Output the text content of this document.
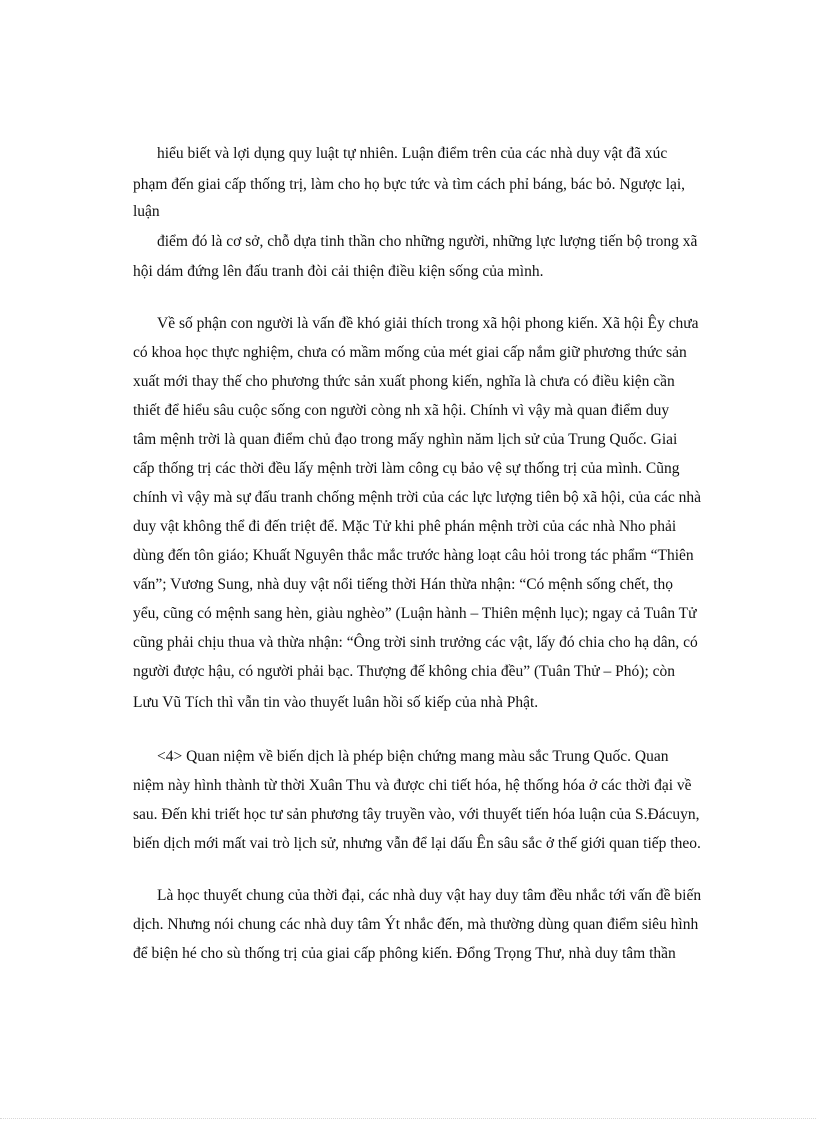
hiểu biết và lợi dụng quy luật tự nhiên. Luận điểm trên của các nhà duy vật đã xúc
phạm đến giai cấp thống trị, làm cho họ bực tức và tìm cách phỉ báng, bác bỏ. Ngược lại,
luận
điểm đó là cơ sở, chỗ dựa tinh thần cho những người, những lực lượng tiến bộ trong xã
hội dám đứng lên đấu tranh đòi cải thiện điều kiện sống của mình.
Về số phận con người là vấn đề khó giải thích trong xã hội phong kiến. Xã hội Êy chưa
có khoa học thực nghiệm, chưa có mầm mống của mét giai cấp nắm giữ phương thức sản
xuất mới thay thế cho phương thức sản xuất phong kiến, nghĩa là chưa có điều kiện cần
thiết để hiểu sâu cuộc sống con người còng nh xã hội. Chính vì vậy mà quan điểm duy
tâm mệnh trời là quan điểm chủ đạo trong mấy nghìn năm lịch sử của Trung Quốc. Giai
cấp thống trị các thời đều lấy mệnh trời làm công cụ bảo vệ sự thống trị của mình. Cũng
chính vì vậy mà sự đấu tranh chống mệnh trời của các lực lượng tiên bộ xã hội, của các nhà
duy vật không thể đi đến triệt để. Mặc Tử khi phê phán mệnh trời của các nhà Nho phải
dùng đến tôn giáo; Khuất Nguyên thắc mắc trước hàng loạt câu hỏi trong tác phẩm “Thiên
vấn”; Vương Sung, nhà duy vật nổi tiếng thời Hán thừa nhận: “Có mệnh sống chết, thọ
yểu, cũng có mệnh sang hèn, giàu nghèo” (Luận hành – Thiên mệnh lục); ngay cả Tuân Tử
cũng phải chịu thua và thừa nhận: “Ông trời sinh trưởng các vật, lấy đó chia cho hạ dân, có
người được hậu, có người phải bạc. Thượng đế không chia đều” (Tuân Thử – Phó); còn
Lưu Vũ Tích thì vẫn tin vào thuyết luân hồi số kiếp của nhà Phật.
<4> Quan niệm về biến dịch là phép biện chứng mang màu sắc Trung Quốc. Quan
niệm này hình thành từ thời Xuân Thu và được chi tiết hóa, hệ thống hóa ở các thời đại về
sau. Đến khi triết học tư sản phương tây truyền vào, với thuyết tiến hóa luận của S.Đácuyn,
biến dịch mới mất vai trò lịch sử, nhưng vẫn để lại dấu Ên sâu sắc ở thế giới quan tiếp theo.
Là học thuyết chung của thời đại, các nhà duy vật hay duy tâm đều nhắc tới vấn đề biến
dịch. Nhưng nói chung các nhà duy tâm Ýt nhắc đến, mà thường dùng quan điểm siêu hình
để biện hé cho sù thống trị của giai cấp phông kiến. Đổng Trọng Thư, nhà duy tâm thần
